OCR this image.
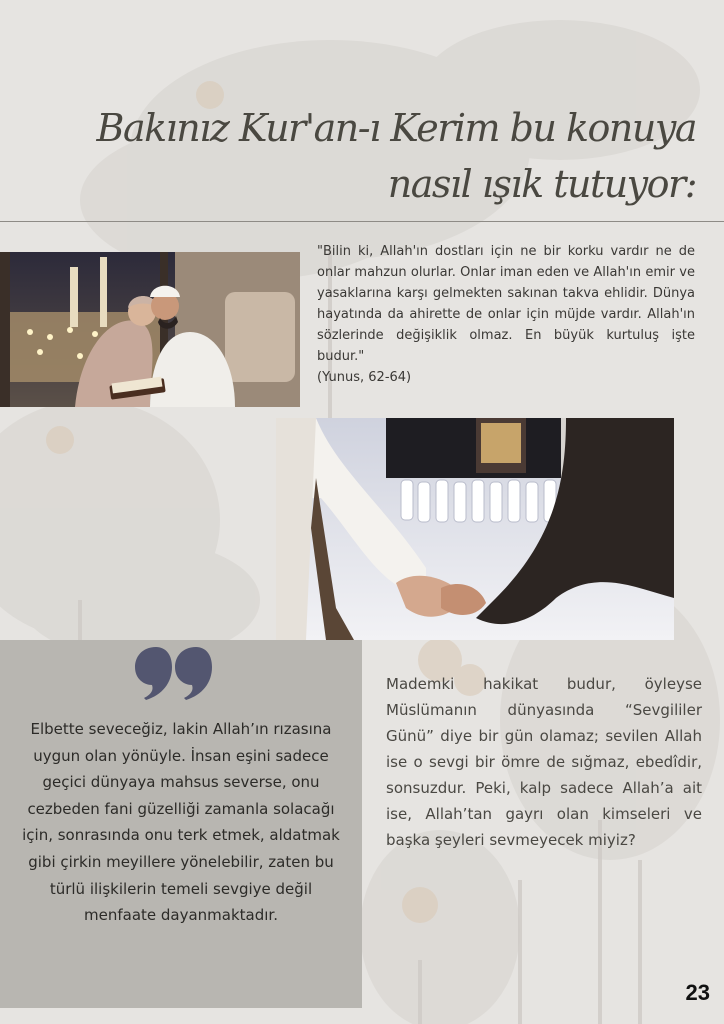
Bakınız Kur'an-ı Kerim bu konuya
nasıl ışık tutuyor:

"Bilin ki, Allah'ın dostları için ne bir korku vardır ne de onlar mahzun olurlar. Onlar iman eden ve Allah'ın emir ve yasaklarına karşı gelmekten sakınan takva ehlidir. Dünya hayatında da ahirette de onlar için müjde vardır. Allah'ın sözlerinde değişiklik olmaz. En büyük kurtuluş işte budur."
(Yunus, 62-64)

Elbette seveceğiz, lakin Allah’ın rızasına uygun olan yönüyle. İnsan eşini sadece geçici dünyaya mahsus severse, onu cezbeden fani güzelliği zamanla solacağı için, sonrasında onu terk etmek, aldatmak gibi çirkin meyillere yönelebilir, zaten bu türlü ilişkilerin temeli sevgiye değil menfaate dayanmaktadır.

Mademki hakikat budur, öyleyse Müslümanın dünyasında “Sevgililer Günü” diye bir gün olamaz; sevilen Allah ise o sevgi bir ömre de sığmaz, ebedîdir, sonsuzdur. Peki, kalp sadece Allah’a ait ise, Allah’tan gayrı olan kimseleri ve başka şeyleri sevmeyecek miyiz?

23
